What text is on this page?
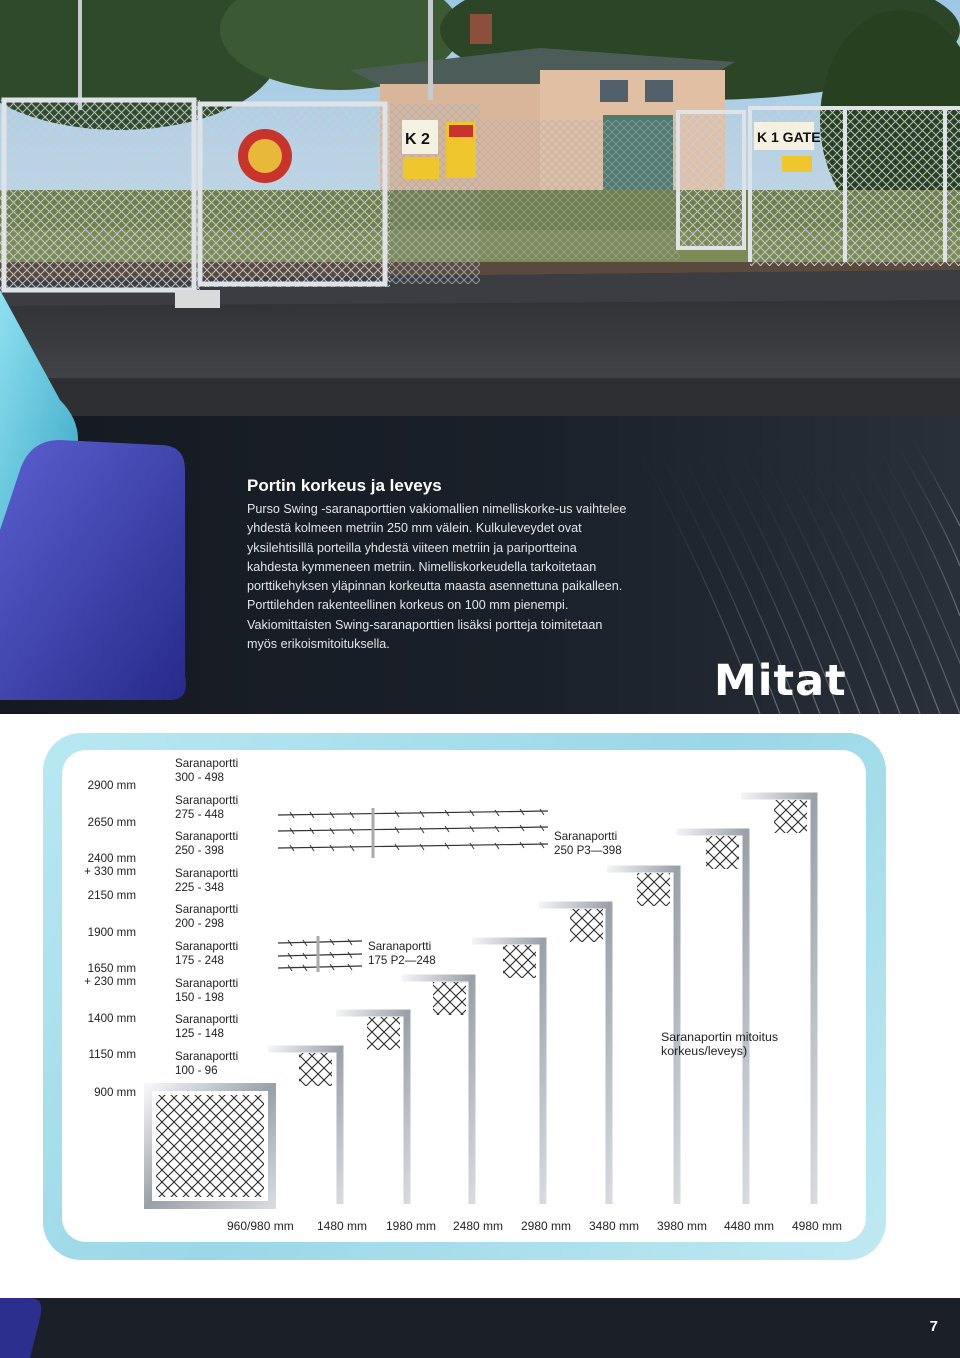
K 2	K 1 GATE
Portin korkeus ja leveys

Purso Swing -saranaporttien vakiomallien nimelliskorke-us vaihtelee yhdestä kolmeen metriin 250 mm välein. Kulkuleveydet ovat yksilehtisillä porteilla yhdestä viiteen metriin ja pariportteina kahdesta kymmeneen metriin. Nimelliskorkeudella tarkoitetaan porttikehyksen yläpinnan korkeutta maasta asennettuna paikalleen. Porttilehden rakenteellinen korkeus on 100 mm pienempi. Vakiomittaisten Swing-saranaporttien lisäksi portteja toimitetaan myös erikoismitoituksella.

Mitat
2900 mm
2650 mm
2400 mm
+ 330 mm
2150 mm
1900 mm
1650 mm
+ 230 mm
1400 mm
1150 mm
900 mm
Saranaportti
300 - 498
Saranaportti
275 - 448
Saranaportti
250 - 398
Saranaportti
225 - 348
Saranaportti
200 - 298
Saranaportti
175 - 248
Saranaportti
150 - 198
Saranaportti
125 - 148
Saranaportti
100 - 96
Saranaportti
250 P3—398
Saranaportti
175 P2—248
Saranaportin mitoitus
korkeus/leveys)
960/980 mm 1480 mm 1980 mm 2480 mm 2980 mm 3480 mm 3980 mm 4480 mm 4980 mm
7
